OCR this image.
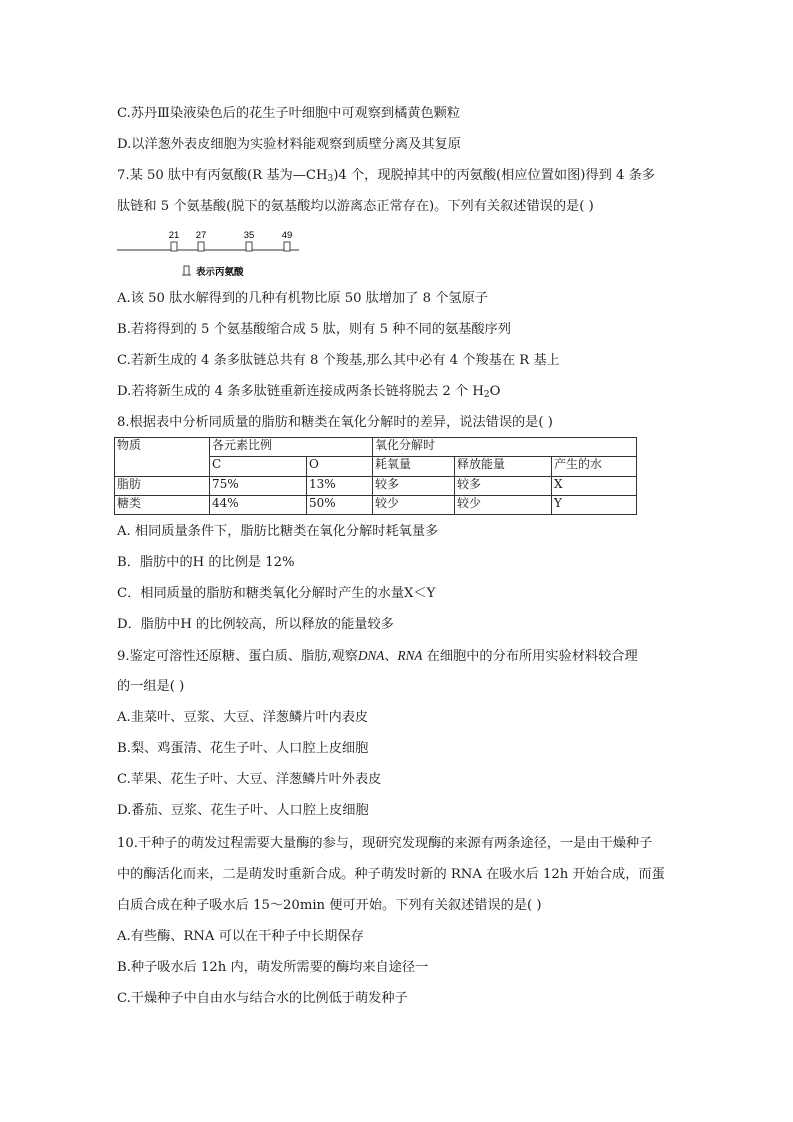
C.苏丹Ⅲ染液染色后的花生子叶细胞中可观察到橘黄色颗粒
D.以洋葱外表皮细胞为实验材料能观察到质壁分离及其复原
7.某 50 肽中有丙氨酸(R 基为$—CH_3)4$ 个，现脱掉其中的丙氨酸(相应位置如图)得到 4 条多
肽链和 5 个氨基酸(脱下的氨基酸均以游离态正常存在)。下列有关叙述错误的是( )
21 27	35	49
表示丙氨酸
A.该 50 肽水解得到的几种有机物比原 50 肽增加了 8 个氢原子
B.若将得到的 5 个氨基酸缩合成 5 肽，则有 5 种不同的氨基酸序列
C.若新生成的 4 条多肽链总共有 8 个羧基,那么其中必有 4 个羧基在 R 基上
D.若将新生成的 4 条多肽链重新连接成两条长链将脱去 2 个 $H_2O$
8.根据表中分析同质量的脂肪和糖类在氧化分解时的差异，说法错误的是( )
物质	各元素比例		氧化分解时		
	C	O	耗氧量	释放能量	产生的水
脂肪	75%	13%	较多	较多	X
糖类	44%	50%	较少	较少	Y
A. 相同质量条件下，脂肪比糖类在氧化分解时耗氧量多
B．脂肪中的H 的比例是 12%
C．相同质量的脂肪和糖类氧化分解时产生的水量X＜Y
D．脂肪中H 的比例较高，所以释放的能量较多
9.鉴定可溶性还原糖、蛋白质、脂肪,观察DNA、RNA 在细胞中的分布所用实验材料较合理
的一组是( )
A.韭菜叶、豆浆、大豆、洋葱鳞片叶内表皮
B.梨、鸡蛋清、花生子叶、人口腔上皮细胞
C.苹果、花生子叶、大豆、洋葱鳞片叶外表皮
D.番茄、豆浆、花生子叶、人口腔上皮细胞
10.干种子的萌发过程需要大量酶的参与，现研究发现酶的来源有两条途径，一是由干燥种子
中的酶活化而来，二是萌发时重新合成。种子萌发时新的 RNA 在吸水后 12h 开始合成，而蛋
白质合成在种子吸水后 15～20min 便可开始。下列有关叙述错误的是( )
A.有些酶、RNA 可以在干种子中长期保存
B.种子吸水后 12h 内，萌发所需要的酶均来自途径一
C.干燥种子中自由水与结合水的比例低于萌发种子
